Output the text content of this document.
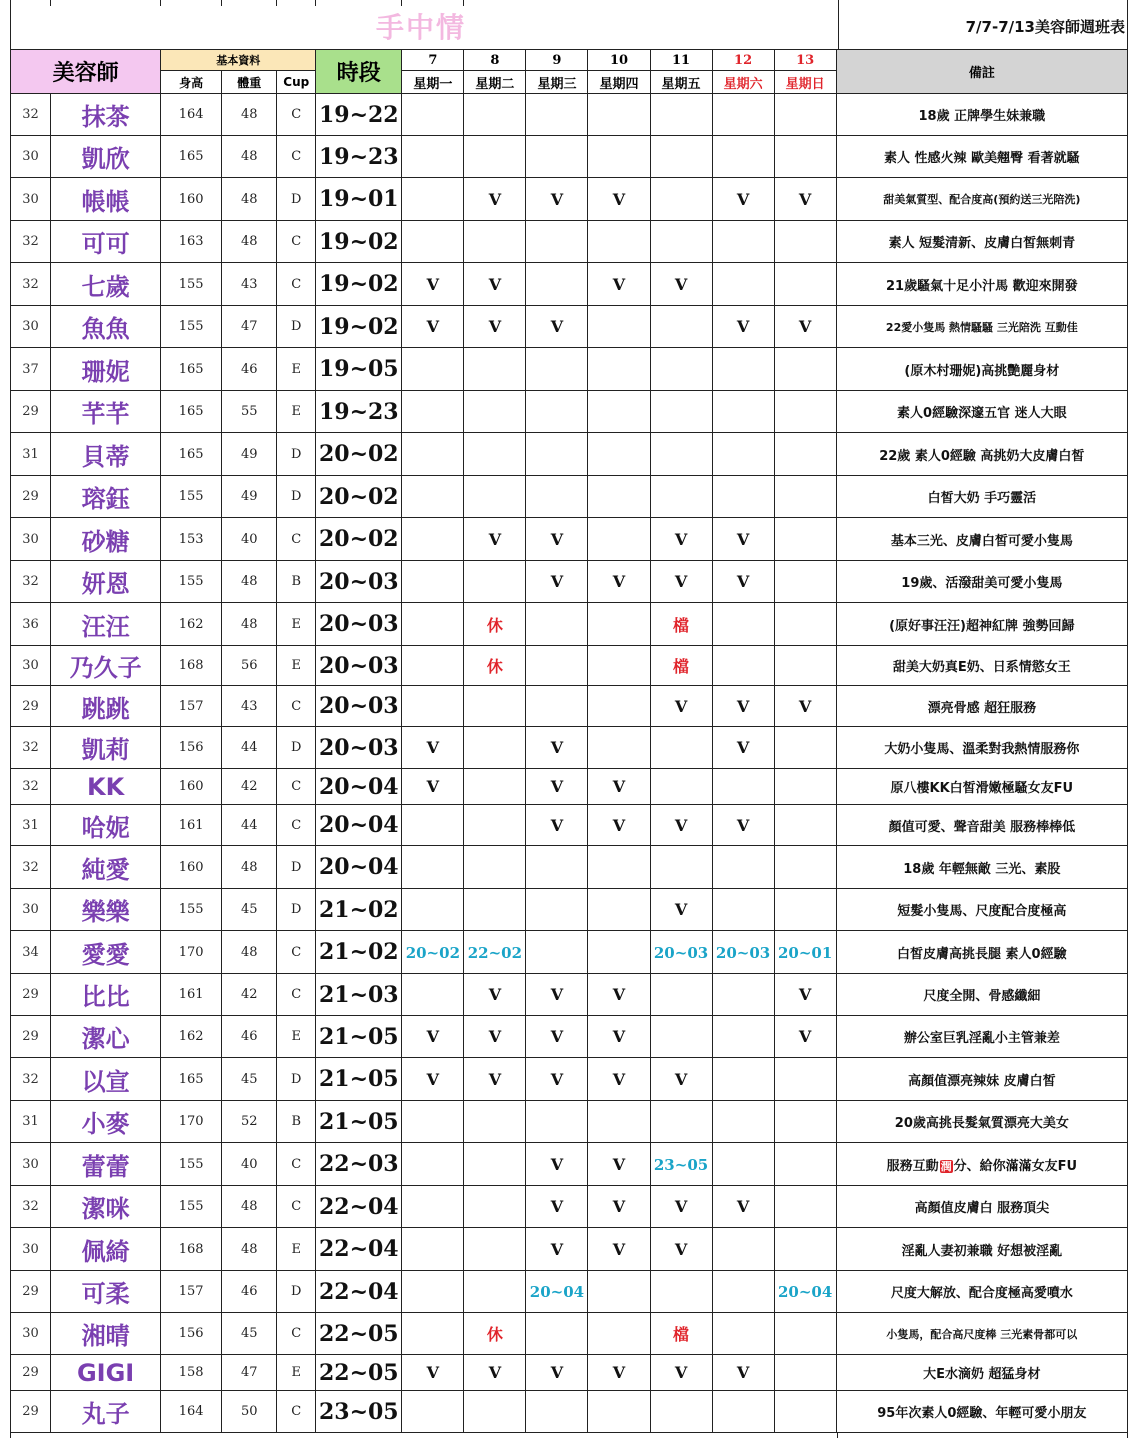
手中情	7/7-7/13美容師週班表
美容師		基本資料			時段	7	8	9	10	11	12	13	備註
		身高	體重	Cup		星期一	星期二	星期三	星期四	星期五	星期六	星期日	
32	抹茶	164	48	C	19~22								18歲 正牌學生妹兼職
30	凱欣	165	48	C	19~23								素人 性感火辣 歐美翹臀 看著就騷
30	帳帳	160	48	D	19~01		V	V	V		V	V	甜美氣質型、配合度高(預約送三光陪洗)
32	可可	163	48	C	19~02								素人 短髮清新、皮膚白皙無刺青
32	七歲	155	43	C	19~02	V	V		V	V			21歲騷氣十足小汁馬 歡迎來開發
30	魚魚	155	47	D	19~02	V	V	V			V	V	22愛小隻馬 熱情騷騷 三光陪洗 互動佳
37	珊妮	165	46	E	19~05								(原木村珊妮)高挑艷麗身材
29	芊芊	165	55	E	19~23								素人0經驗深邃五官 迷人大眼
31	貝蒂	165	49	D	20~02								22歲 素人0經驗 高挑奶大皮膚白皙
29	瑢鈺	155	49	D	20~02								白皙大奶 手巧靈活
30	砂糖	153	40	C	20~02		V	V		V	V		基本三光、皮膚白皙可愛小隻馬
32	妍恩	155	48	B	20~03			V	V	V	V		19歲、活潑甜美可愛小隻馬
36	汪汪	162	48	E	20~03		休			檔			(原好事汪汪)超神紅牌 強勢回歸
30	乃久子	168	56	E	20~03		休			檔			甜美大奶真E奶、日系情慾女王
29	跳跳	157	43	C	20~03					V	V	V	漂亮骨感 超狂服務
32	凱莉	156	44	D	20~03	V		V			V		大奶小隻馬、溫柔對我熱情服務你
32	KK	160	42	C	20~04	V		V	V				原八樓KK白皙滑嫩極騷女友FU
31	哈妮	161	44	C	20~04			V	V	V	V		顏值可愛、聲音甜美 服務棒棒低
32	純愛	160	48	D	20~04								18歲 年輕無敵 三光、素股
30	樂樂	155	45	D	21~02					V			短髮小隻馬、尺度配合度極高
34	愛愛	170	48	C	21~02	20~02	22~02			20~03	20~03	20~01	白皙皮膚高挑長腿 素人0經驗
29	比比	161	42	C	21~03		V	V	V			V	尺度全開、骨感纖細
29	潔心	162	46	E	21~05	V	V	V	V			V	辦公室巨乳淫亂小主管兼差
32	以宣	165	45	D	21~05	V	V	V	V	V			高顏值漂亮辣妹 皮膚白皙
31	小麥	170	52	B	21~05								20歲高挑長髮氣質漂亮大美女
30	蕾蕾	155	40	C	22~03			V	V	23~05			服務互動 潤 分、給你滿滿女友FU
32	潔咪	155	48	C	22~04			V	V	V	V		高顏值皮膚白 服務頂尖
30	佩綺	168	48	E	22~04			V	V	V			淫亂人妻初兼職 好想被淫亂
29	可柔	157	46	D	22~04			20~04				20~04	尺度大解放、配合度極高愛噴水
30	湘晴	156	45	C	22~05		休			檔			小隻馬，配合高尺度棒 三光素骨都可以
29	GIGI	158	47	E	22~05	V	V	V	V	V	V		大E水滴奶 超猛身材
29	丸子	164	50	C	23~05								95年次素人0經驗、年輕可愛小朋友
